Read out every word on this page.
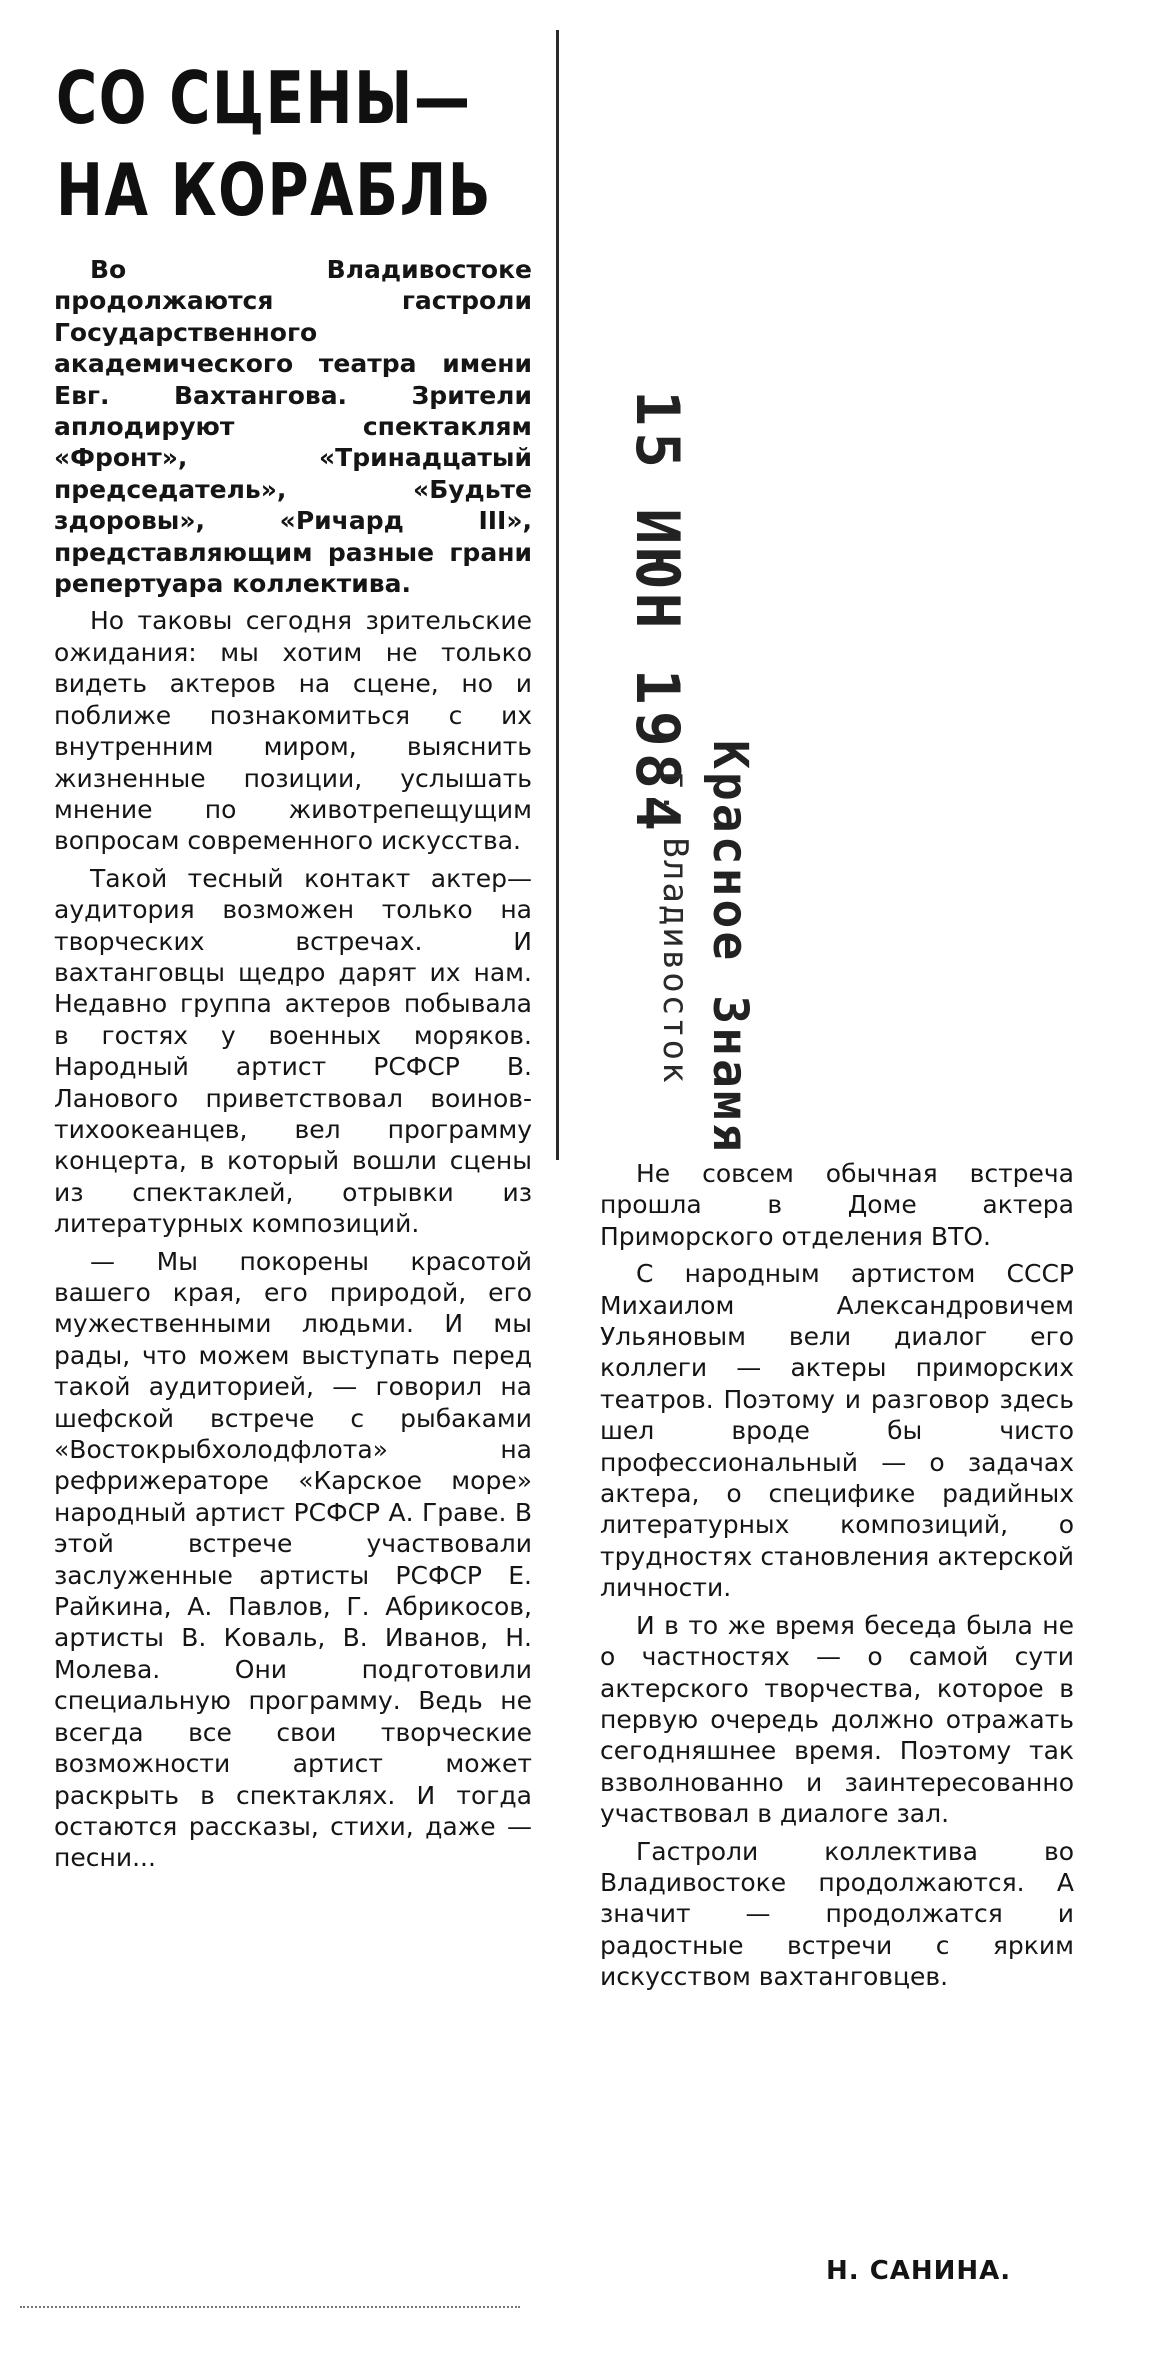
СО СЦЕНЫ—
НА КОРАБЛЬ

Во Владивостоке продолжаются гастроли Государственного академического театра имени Евг. Вахтангова. Зрители аплодируют спектаклям «Фронт», «Тринадцатый председатель», «Будьте здоровы», «Ричард III», представляющим разные грани репертуара коллектива.

Но таковы сегодня зрительские ожидания: мы хотим не только видеть актеров на сцене, но и поближе познакомиться с их внутренним миром, выяснить жизненные позиции, услышать мнение по животрепещущим вопросам современного искусства.

Такой тесный контакт актер—аудитория возможен только на творческих встречах. И вахтанговцы щедро дарят их нам. Недавно группа актеров побывала в гостях у военных моряков. Народный артист РСФСР В. Ланового приветствовал воинов-тихоокеанцев, вел программу концерта, в который вошли сцены из спектаклей, отрывки из литературных композиций.

— Мы покорены красотой вашего края, его природой, его мужественными людьми. И мы рады, что можем выступать перед такой аудиторией, — говорил на шефской встрече с рыбаками «Востокрыбхолодфлота» на рефрижераторе «Карское море» народный артист РСФСР А. Граве. В этой встрече участвовали заслуженные артисты РСФСР Е. Райкина, А. Павлов, Г. Абрикосов, артисты В. Коваль, В. Иванов, Н. Молева. Они подготовили специальную программу. Ведь не всегда все свои творческие возможности артист может раскрыть в спектаклях. И тогда остаются рассказы, стихи, даже — песни...

15ИЮН1984 Красное Знамя
г. Владивосток

Не совсем обычная встреча прошла в Доме актера Приморского отделения ВТО.

С народным артистом СССР Михаилом Александровичем Ульяновым вели диалог его коллеги — актеры приморских театров. Поэтому и разговор здесь шел вроде бы чисто профессиональный — о задачах актера, о специфике радийных литературных композиций, о трудностях становления актерской личности.

И в то же время беседа была не о частностях — о самой сути актерского творчества, которое в первую очередь должно отражать сегодняшнее время. Поэтому так взволнованно и заинтересованно участвовал в диалоге зал.

Гастроли коллектива во Владивостоке продолжаются. А значит — продолжатся и радостные встречи с ярким искусством вахтанговцев.

Н. САНИНА.
